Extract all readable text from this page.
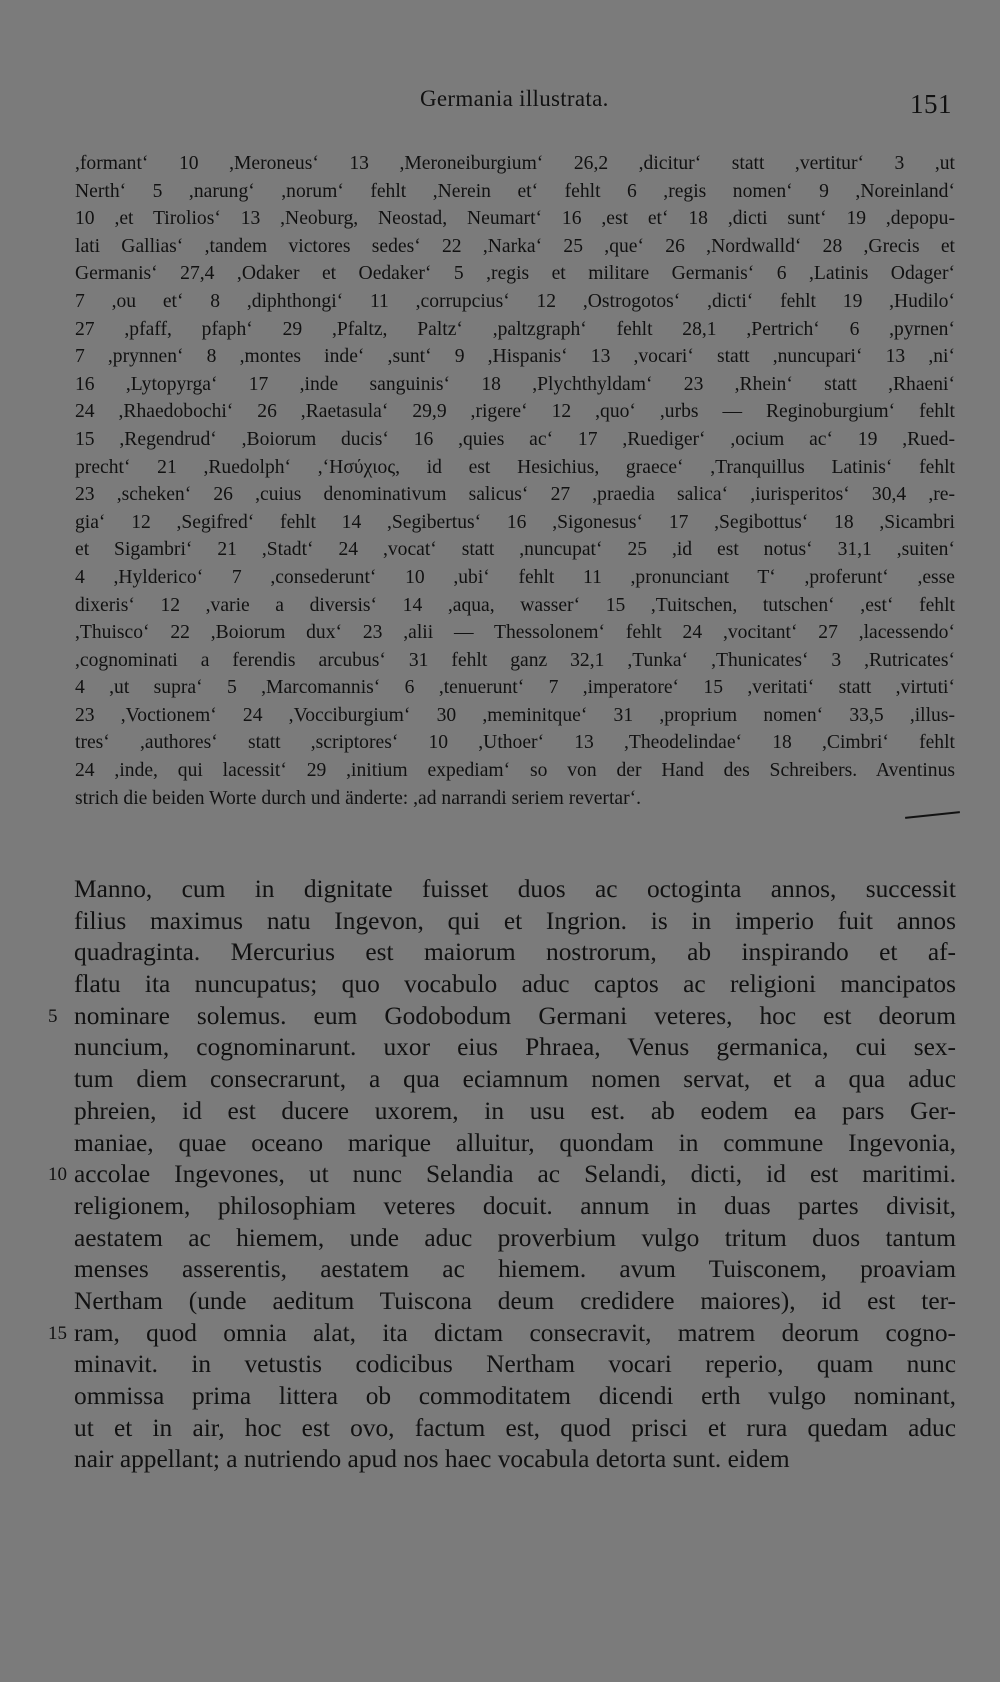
Germania illustrata.	151
,formant‘ 10 ,Meroneus‘ 13 ,Meroneiburgium‘ 26,2 ,dicitur‘ statt ,vertitur‘ 3 ,ut
Nerth‘ 5 ,narung‘ ,norum‘ fehlt ,Nerein et‘ fehlt 6 ,regis nomen‘ 9 ,Noreinland‘
10 ,et Tirolios‘ 13 ,Neoburg, Neostad, Neumart‘ 16 ,est et‘ 18 ,dicti sunt‘ 19 ,depopu-
lati Gallias‘ ,tandem victores sedes‘ 22 ,Narka‘ 25 ,que‘ 26 ,Nordwalld‘ 28 ,Grecis et
Germanis‘ 27,4 ,Odaker et Oedaker‘ 5 ,regis et militare Germanis‘ 6 ,Latinis Odager‘
7 ,ou et‘ 8 ,diphthongi‘ 11 ,corrupcius‘ 12 ,Ostrogotos‘ ,dicti‘ fehlt 19 ,Hudilo‘
27 ,pfaff, pfaph‘ 29 ,Pfaltz, Paltz‘ ,paltzgraph‘ fehlt 28,1 ,Pertrich‘ 6 ,pyrnen‘
7 ,prynnen‘ 8 ,montes inde‘ ,sunt‘ 9 ,Hispanis‘ 13 ,vocari‘ statt ,nuncupari‘ 13 ,ni‘
16 ,Lytopyrga‘ 17 ,inde sanguinis‘ 18 ,Plychthyldam‘ 23 ,Rhein‘ statt ,Rhaeni‘
24 ,Rhaedobochi‘ 26 ,Raetasula‘ 29,9 ,rigere‘ 12 ,quo‘ ,urbs — Reginoburgium‘ fehlt
15 ,Regendrud‘ ,Boiorum ducis‘ 16 ,quies ac‘ 17 ,Ruediger‘ ,ocium ac‘ 19 ,Rued-
precht‘ 21 ,Ruedolph‘ ,‘Ησύχιος, id est Hesichius, graece‘ ,Tranquillus Latinis‘ fehlt
23 ,scheken‘ 26 ,cuius denominativum salicus‘ 27 ,praedia salica‘ ,iurisperitos‘ 30,4 ,re-
gia‘ 12 ,Segifred‘ fehlt 14 ,Segibertus‘ 16 ,Sigonesus‘ 17 ,Segibottus‘ 18 ,Sicambri
et Sigambri‘ 21 ,Stadt‘ 24 ,vocat‘ statt ,nuncupat‘ 25 ,id est notus‘ 31,1 ,suiten‘
4 ,Hylderico‘ 7 ,consederunt‘ 10 ,ubi‘ fehlt 11 ,pronunciant T‘ ,proferunt‘ ,esse
dixeris‘ 12 ,varie a diversis‘ 14 ,aqua, wasser‘ 15 ,Tuitschen, tutschen‘ ,est‘ fehlt
,Thuisco‘ 22 ,Boiorum dux‘ 23 ,alii — Thessolonem‘ fehlt 24 ,vocitant‘ 27 ,lacessendo‘
,cognominati a ferendis arcubus‘ 31 fehlt ganz 32,1 ,Tunka‘ ,Thunicates‘ 3 ,Rutricates‘
4 ,ut supra‘ 5 ,Marcomannis‘ 6 ,tenuerunt‘ 7 ,imperatore‘ 15 ,veritati‘ statt ,virtuti‘
23 ,Voctionem‘ 24 ,Vocciburgium‘ 30 ,meminitque‘ 31 ,proprium nomen‘ 33,5 ,illus-
tres‘ ,authores‘ statt ,scriptores‘ 10 ,Uthoer‘ 13 ,Theodelindae‘ 18 ,Cimbri‘ fehlt
24 ,inde, qui lacessit‘ 29 ,initium expediam‘ so von der Hand des Schreibers. Aventinus
strich die beiden Worte durch und änderte: ,ad narrandi seriem revertar‘.
Manno, cum in dignitate fuisset duos ac octoginta annos, successit
filius maximus natu Ingevon, qui et Ingrion. is in imperio fuit annos
quadraginta. Mercurius est maiorum nostrorum, ab inspirando et af-
flatu ita nuncupatus; quo vocabulo aduc captos ac religioni mancipatos
5 nominare solemus. eum Godobodum Germani veteres, hoc est deorum
nuncium, cognominarunt. uxor eius Phraea, Venus germanica, cui sex-
tum diem consecrarunt, a qua eciamnum nomen servat, et a qua aduc
phreien, id est ducere uxorem, in usu est. ab eodem ea pars Ger-
maniae, quae oceano marique alluitur, quondam in commune Ingevonia,
10 accolae Ingevones, ut nunc Selandia ac Selandi, dicti, id est maritimi.
religionem, philosophiam veteres docuit. annum in duas partes divisit,
aestatem ac hiemem, unde aduc proverbium vulgo tritum duos tantum
menses asserentis, aestatem ac hiemem. avum Tuisconem, proaviam
Nertham (unde aeditum Tuiscona deum credidere maiores), id est ter-
15 ram, quod omnia alat, ita dictam consecravit, matrem deorum cogno-
minavit. in vetustis codicibus Nertham vocari reperio, quam nunc
ommissa prima littera ob commoditatem dicendi erth vulgo nominant,
ut et in air, hoc est ovo, factum est, quod prisci et rura quedam aduc
nair appellant; a nutriendo apud nos haec vocabula detorta sunt. eidem
